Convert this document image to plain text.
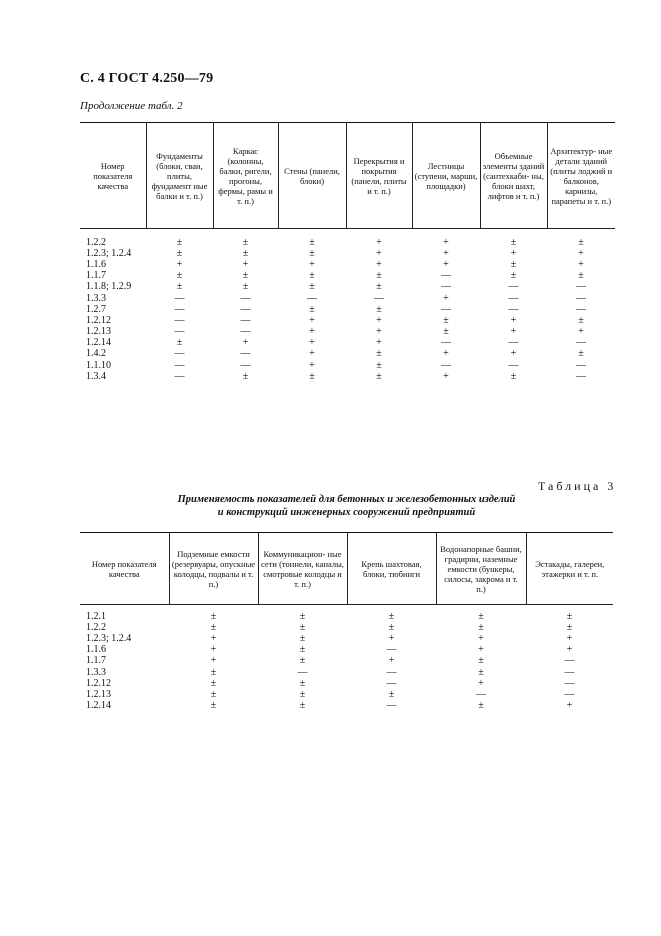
С. 4 ГОСТ 4.250—79
Продолжение табл. 2
Номер показателя качества	Фундаменты (блоки, сваи, плиты, фундамент ные балки и т. п.)	Каркас (колонны, балки, ригели, прогоны, фермы, рамы и т. п.)	Стены (панели, блоки)	Перекрытия и покрытия (панели, плиты и т. п.)	Лестницы (ступени, марши, площадки)	Объемные элементы зданий (сантехкаби- ны, блоки шахт, лифтов и т. п.)	Архитектур- ные детали зданий (плиты лоджий и балконов, карнизы, парапеты и т. п.)
1.2.2	±	±	±	+	+	±	±
1.2.3; 1.2.4	±	±	±	+	+	+	+
1.1.6	+	+	+	+	+	±	+
1.1.7	±	±	±	±	—	±	±
1.1.8; 1.2.9	±	±	±	±	—	—	—
1.3.3	—	—	—	—	+	—	—
1.2.7	—	—	±	±	—	—	—
1.2.12	—	—	+	+	±	+	±
1.2.13	—	—	+	+	±	+	+
1.2.14	±	+	+	+	—	—	—
1.4.2	—	—	+	±	+	+	±
1.1.10	—	—	+	±	—	—	—
1.3.4	—	±	±	±	+	±	—
Таблица 3
Применяемость показателей для бетонных и железобетонных изделий
и конструкций инженерных сооружений предприятий
Номер показателя качества	Подземные емкости (резервуары, опускные колодцы, подвалы и т. п.)	Коммуникацион- ные сети (тоннели, каналы, смотровые колодцы и т. п.)	Крепь шахтовая, блоки, тюбинги	Водонапорные башни, градирни, наземные емкости (бункеры, силосы, закрома и т. п.)	Эстакады, галереи, этажерки и т. п.
1.2.1	±	±	±	±	±
1.2.2	±	±	±	±	±
1.2.3; 1.2.4	+	±	+	+	+
1.1.6	+	±	—	+	+
1.1.7	+	±	+	±	—
1.3.3	±	—	—	±	—
1.2.12	±	±	—	+	—
1.2.13	±	±	±	—	—
1.2.14	±	±	—	±	+
